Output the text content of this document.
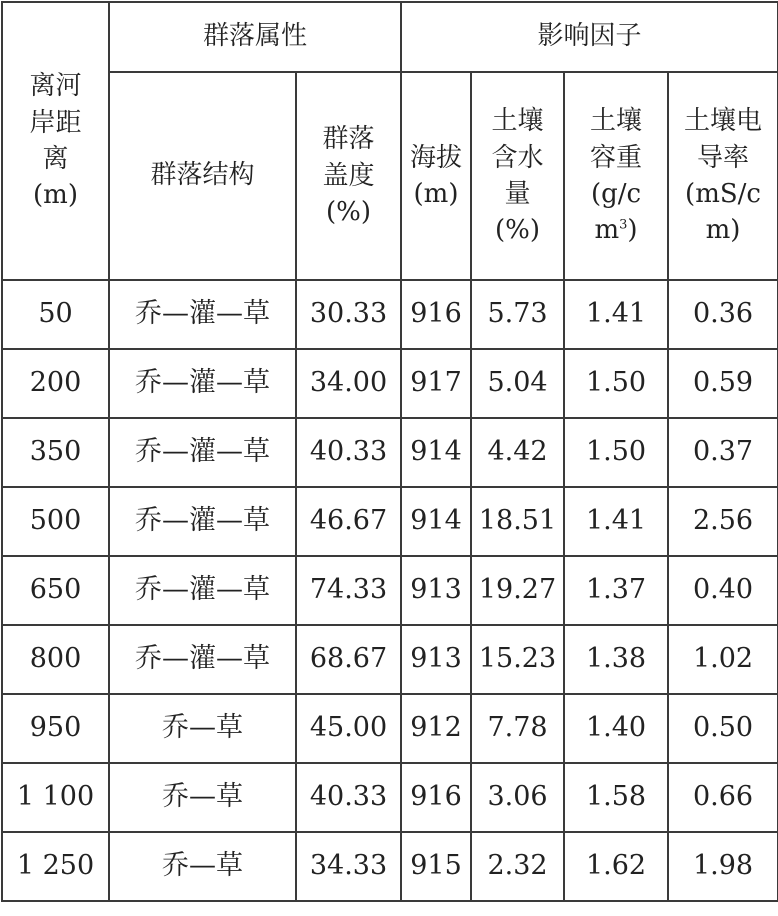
离河岸距离(m)	群落属性		影响因子			
	群落结构	群落盖度(%)	海拔(m)	土壤含水量(%)	土壤容重$(g/cm^3)$	土壤电导率(mS/cm)
50	乔—灌—草	30.33	916	5.73	1.41	0.36
200	乔—灌—草	34.00	917	5.04	1.50	0.59
350	乔—灌—草	40.33	914	4.42	1.50	0.37
500	乔—灌—草	46.67	914	18.51	1.41	2.56
650	乔—灌—草	74.33	913	19.27	1.37	0.40
800	乔—灌—草	68.67	913	15.23	1.38	1.02
950	乔—草	45.00	912	7.78	1.40	0.50
1 100	乔—草	40.33	916	3.06	1.58	0.66
1 250	乔—草	34.33	915	2.32	1.62	1.98
